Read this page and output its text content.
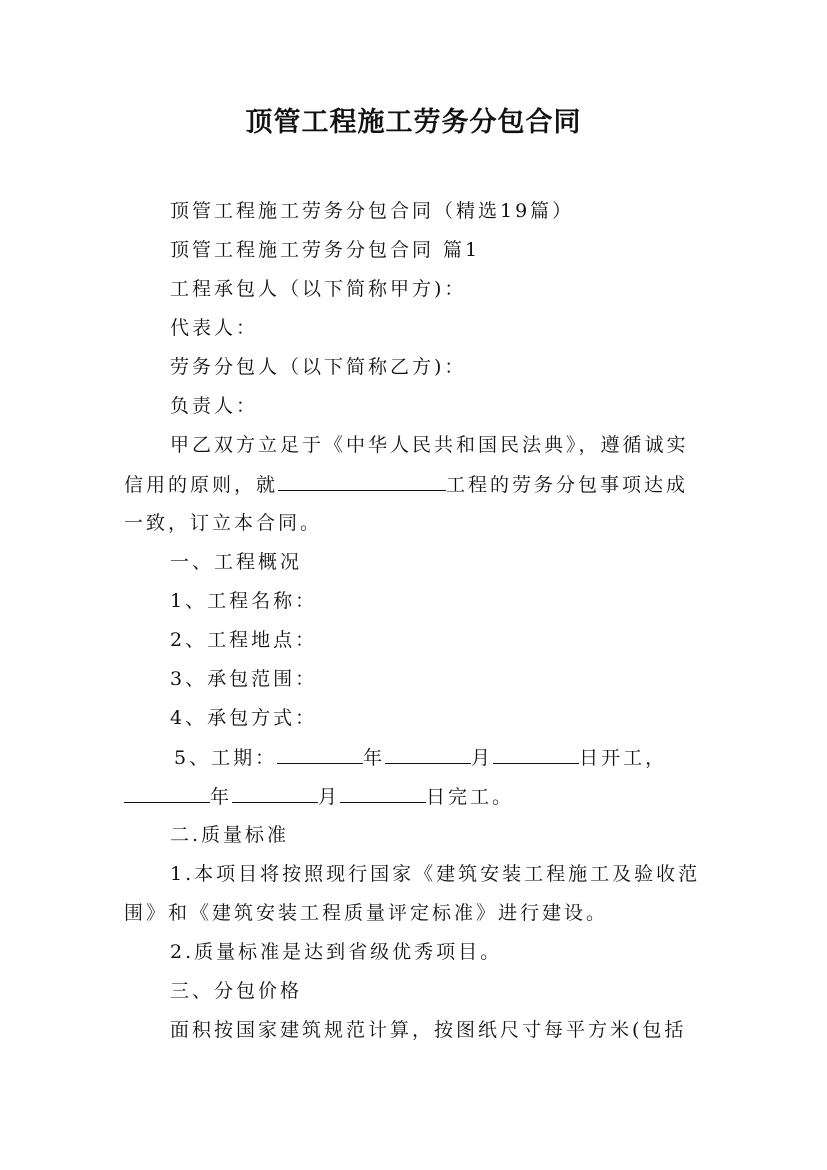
顶管工程施工劳务分包合同
顶管工程施工劳务分包合同（精选19篇）
顶管工程施工劳务分包合同 篇1
工程承包人（以下简称甲方)：
代表人：
劳务分包人（以下简称乙方)：
负责人：
甲乙双方立足于《中华人民共和国民法典》，遵循诚实
信用的原则，就	工程的劳务分包事项达成
一致，订立本合同。
一、工程概况
1、工程名称：
2、工程地点：
3、承包范围：
4、承包方式：
5、工期：	年	月	日开工，
年	月	日完工。
二.质量标准
1.本项目将按照现行国家《建筑安装工程施工及验收范
围》和《建筑安装工程质量评定标准》进行建设。
2.质量标准是达到省级优秀项目。
三、分包价格
面积按国家建筑规范计算，按图纸尺寸每平方米(包括
